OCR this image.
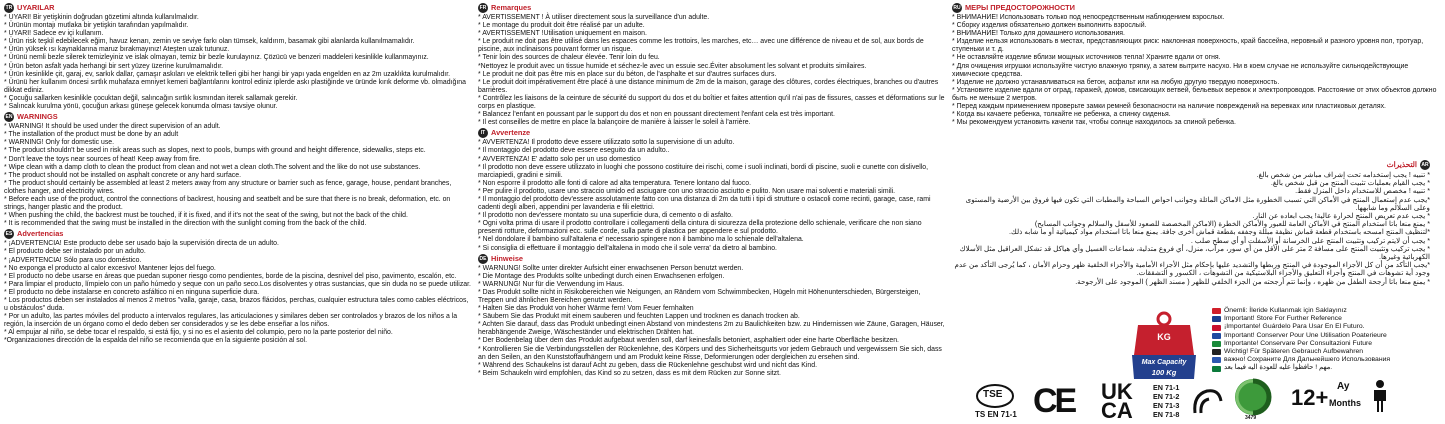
TR UYARILAR
* UYARI! Bir yetişkinin doğrudan gözetimi altında kullanılmalıdır.
* Ürünün montajı mutlaka bir yetişkin tarafından yapılmalıdır.
* UYARI! Sadece ev içi kullanım.
* Ürün risk teşkil edebilecek eğim, havuz kenarı, zemin ve seviye farkı olan tümsek, kaldırım, basamak gibi alanlarda kullanılmamalıdır.
* Ürün yüksek ısı kaynaklarına maruz bırakmayınız! Ateşten uzak tutunuz.
* Ürünü nemli bezle silerek temizleyiniz ve islak olmayan, temiz bir bezle kurulayınız. Çözücü ve benzeri maddeleri kesinlikle kullanmayınız.
* Ürün beton asfalt yada herhangi bir sert yüzey üzerine kurulmamalıdır.
* Ürün kesinlikle çit, garaj, ev, sarkık dallar, çamaşır askıları ve elektrik telleri gibi her hangi bir yapı yada engelden en az 2m uzaklıkta kurulmalıdır.
* Ürünü her kullanım öncesi sırtlık muhafaza emniyet kemeri bağlantılarını kontrol ediniz iplerde askı plastiğinde ve üründe kırık deforme vb. olmadığına dikkat ediniz.
* Çocuğu sallarken kesinlikle çocuktan değil, salıncağın sırtlık kısmından iterek sallamak gerekir.
* Salıncak kurulma yönü, çocuğun arkası güneşe gelecek konumda olması tavsiye olunur.
EN WARNINGS
* WARNING! It should be used under the direct supervision of an adult.
* The installation of the product must be done by an adult
* WARNING! Only for domestic use.
* The product shouldn't be used in risk areas such as slopes, next to pools, bumps with ground and height difference, sidewalks, steps etc.
* Don't leave the toys near sources of heat! Keep away from fire.
* Wipe clean with a damp cloth to clean the product from clean and not wet a clean cloth.The solvent and the like do not use substances.
* The product should not be installed on asphalt concrete or any hard surface.
* The product should certainly be assembled at least 2 meters away from any structure or barrier such as fence, garage, house, pendant branches, clothes hanger, and electricity wires.
* Before each use of the product, control the connections of backrest, housing and seatbelt and be sure that there is no break, deformation, etc. on strings, hanger plastic and the product.
* When pushing the child, the backrest must be touched, if it is fixed, and if it's not the seat of the swing, but not the back of the child.
* It is recommended that the swing must be installed in the direction with the sunlight coming from the back of the child.
ES Advertencias
* ¡ADVERTENCIA! Este producto debe ser usado bajo la supervisión directa de un adulto.
* El producto debe ser instalado por un adulto.
* ¡ADVERTENCIA! Sólo para uso doméstico.
* No exponga el producto al calor excesivo! Mantener lejos del fuego.
* El producto no debe usarse en áreas que puedan suponer riesgo como pendientes, borde de la piscina, desnivel del piso, pavimento, escalón, etc.
* Para limpiar el producto, límpielo con un paño húmedo y seque con un paño seco.Los disolventes y otras sustancias, que sin duda no se puede utilizar.
* El producto no debe instalarse en concreto asfáltico ni en ninguna superficie dura.
* Los productos deben ser instalados al menos 2 metros "valla, garaje, casa, brazos flácidos, perchas, cualquier estructura tales como cables eléctricos, u obstáculos" duda.
* Por un adulto, las partes móviles del producto a intervalos regulares, las articulaciones y similares deben ser controlados y brazos de los niños a la región, la inserción de un órgano como el dedo deben ser considerados y se les debe enseñar a los niños.
* Al empujar al niño, se debe tocar el respaldo, si está fijo, y si no es el asiento del columpio, pero no la parte posterior del niño.
*Organizaciones dirección de la espalda del niño se recomienda que en la siguiente posición al sol.
FR Remarques
* AVERTISSEMENT ! À utiliser directement sous la surveillance d'un adulte.
* Le montage du produit doit être réalisé par un adulte.
* AVERTISSEMENT !Utilisation uniquement en maison.
* Le produit ne doit pas être utilisé dans les espaces comme les trottoirs, les marches, etc… avec une différence de niveau et de sol, aux bords de piscine, aux inclinaisons pouvant former un risque.
* Tenir loin des sources de chaleur élevée. Tenir loin du feu.
*Nettoyez le produit avec un tissue humide et séchez-le avec un essuie sec.Éviter absolument les solvant et produits similaires.
* Le produit ne doit pas être mis en place sur du béton, de l'asphalte et sur d'autres surfaces durs.
* Le produit doit impérativement être placé à une distance minimum de 2m de la maison, garage des clôtures, cordes électriques, branches ou d'autres barrières.
* Contrôlez les liaisons de la ceinture de sécurité du support du dos et du boîtier et faites attention qu'il n'ai pas de fissures, casses et déformations sur le corps en plastique.
* Balancez l'enfant en poussant par le support du dos et non en poussant directement l'enfant cela est très important.
* Il est conseilles de mettre en place la balançoire de manière à laisser le soleil à l'arrière.
IT Avvertenze
* AVVERTENZA! Il prodotto deve essere utilizzato sotto la supervisione di un adulto.
* Il montaggio del prodotto deve essere eseguito da un adulto..
* AVVERTENZA! E' adatto solo per un uso domestico
* Il prodotto non deve essere utilizzato in luoghi che possono costituire dei rischi, come i suoli inclinati, bordi di piscine, suoli e cunette con dislivello, marciapiedi, gradini e simili.
* Non esporre il prodotto alle fonti di calore ad alta temperatura. Tenere lontano dal fuoco.
* Per pulire il prodotto, usare uno straccio umido ed asciugare con uno straccio asciutto e pulito. Non usare mai solventi e materiali simili.
* Il montaggio del prodotto dev'essere assolutamente fatto con una distanza di 2m da tutti i tipi di strutture o ostacoli come recinti, garage, case, rami cadenti degli alberi, appendini per lavanderia e fili elettrici.
* Il prodotto non dev'essere montato su una superficie dura, di cemento o di asfalto.
* Ogni volta prima di usare il prodotto controllare i collegamenti della cintura di sicurezza della protezione dello schienale, verificare che non siano presenti rotture, deformazioni ecc. sulle corde, sulla parte di plastica per appendere e sul prodotto.
* Nel dondolare il bambino sull'altalena e' necessario spingere non il bambino ma lo schienale dell'altalena.
* Si consiglia di effettuare il montaggio dell'altalena in modo che il sole verra' da dietro al bambino.
DE Hinweise
* WARNUNG! Sollte unter direkter Aufsicht einer erwachsenen Person benutzt werden.
* Die Montage des Produkts sollte unbedingt durch einen Erwachsenen erfolgen.
* WARNUNG! Nur für die Verwendung im Haus.
* Das Produkt sollte nicht in Risikobereichen wie Neigungen, an Rändern vom Schwimmbecken, Hügeln mit Höhenunterschieden, Bürgersteigen, Treppen und ähnlichen Bereichen genutzt werden.
* Halten Sie das Produkt von hoher Wärme fern! Vom Feuer fernhalten
* Säubern Sie das Produkt mit einem sauberen und feuchten Lappen und trocknen es danach trocken ab.
* Achten Sie darauf, dass das Produkt unbedingt einen Abstand von mindestens 2m zu Baulichkeiten bzw. zu Hindernissen wie Zäune, Garagen, Häuser, herabhängende Zweige, Wäscheständer und elektrischen Drähten hat.
* Der Bodenbelag über dem das Produkt aufgebaut werden soll, darf keinesfalls betoniert, asphaltiert oder eine harte Oberfläche besitzen.
* Kontrollieren Sie die Verbindungsstellen der Rückenlehne, des Körpers und des Sicherheitsgurts vor jedem Gebrauch und vergewissern Sie sich, dass an den Seilen, an den Kunststoffaufhängern und am Produkt keine Risse, Deformierungen oder dergleichen zu ersehen sind.
* Während des Schaukelns ist darauf Acht zu geben, dass die Rückenlehne geschubst wird und nicht das Kind.
* Beim Schaukeln wird empfohlen, das Kind so zu setzen, dass es mit dem Rücken zur Sonne sitzt.
RU МЕРЫ ПРЕДОСТОРОЖНОСТИ
* ВНИМАНИЕ! Использовать только под непосредственным наблюдением взрослых.
* Сборку изделия обязательно должен выполнить взрослый.
* ВНИМАНИЕ! Только для домашнего использования.
* Изделие нельзя использовать в местах, представляющих риск: наклонная поверхность, край бассейна, неровный и разного уровня пол, тротуар, ступеньки и т. д.
* Не оставляйте изделие вблизи мощных источников тепла! Храните вдали от огня.
* Для очищения игрушки используйте чистую влажную тряпку, а затем вытрите насухо. Ни в коем случае не используйте сильнодействующие химические средства.
* Изделие не должно устанавливаться на бетон, асфальт или на любую другую твердую поверхность.
* Установите изделие вдали от оград, гаражей, домов, свисающих ветвей, бельевых веревок и электропроводов. Расстояние от этих объектов должно быть не меньше 2 метров.
* Перед каждым применением проверьте замки ремней безопасности на наличие повреждений на веревках или пластиковых деталях.
* Когда вы качаете ребенка, толкайте не ребенка, а спинку сиденья.
* Мы рекомендуем установить качели так, чтобы солнце находилось за спиной ребенка.
التحذيرات AR
* تنبيه ! يجب إستخدامه تحت إشراف مباشر من شخص بالغ.
* يجب القيام بعمليات تثبيت المنتج من قبل شخص بالغ.
* تنبيه ! مخصص للاستخدام داخل المنزل فقط.
*يجب عدم إستعمال المنتج في الأماكن التي تسبب الخطورة مثل الاماكن المائلة وجوانب احواض السباحة والمطبات التي تكون فيها فروق بين الأرضية والمستوى وعلى السلالم وما شابهها.
* يجب عدم تعريض المنتج لحرارة عالية! يجب ابعاده عن النار.
* يمنع منعا باتا استخدام المنتج في الأماكن العامة للعبور والأماكن الخطرة (الاماكن المخصصة للصعود للأسفل والسلالم وجوانب المسابح)
*لتنظيف المنتج امسحه باستخدام قطعة قماش نظيفة مبللة وجففه بقطعة قماش أخرى جافة. يمنع منعا باتا استخدام مواد كيميائية أو ما شابه ذلك.
* يجب أن لايتم تركيب وتثبيت المنتج على الخرسانة أو الأسفلت أو أي سطح صلب .
* يجب تركيب وتثبيت المنتج على مسافة 2 متر على الأقل من أي سور، مرآب، منزل، أي فروع متدلية، شماعات الغسيل وأي هياكل قد تشكل العراقيل مثل الأسلاك الكهربائية وغيرها.
*يجب التأكد من أن كل الأجزاء الموجودة في المنتج وربطها والتشديد عليها بإحكام مثل الأجزاء الأمامية والأجزاء الخلفية ظهر وحزام الأمان ، كما يُرجى التأكد من عدم وجود أية تشوهات في المنتج وأجزاء التعليق والأجزاء البلاستيكية من التشوهات ، الكسور و التشققات.
* يمنع منعا باتا أرجحة الطفل من ظهره ، وإنما تتم أرجحته من الجزء الخلفي للظهر ( مسند الظهر ) الموجود على الأرجوحة.
KG
Max Capacity
100 Kg
Önemli: İleride Kullanmak için Saklayınız
Important! Store For Further Reference
¡Importante! Guárdelo Para Usar En El Futuro.
Important! Conserver Pour Une Utilisation Poaterieure
Importante! Conservare Per Consultazioni Future
Wichtig! Für Späteren Gebrauch Aufbewahren
важно! Сохраните Для Дальнейшего Использования
مهم ! حافظوا عليه للعودة اليه فيما بعد.
TSE
TS EN 71-1 CE UK
CA
EN 71-1
EN 71-2
EN 71-3
EN 71-8	3479
12+ Ay
Months
